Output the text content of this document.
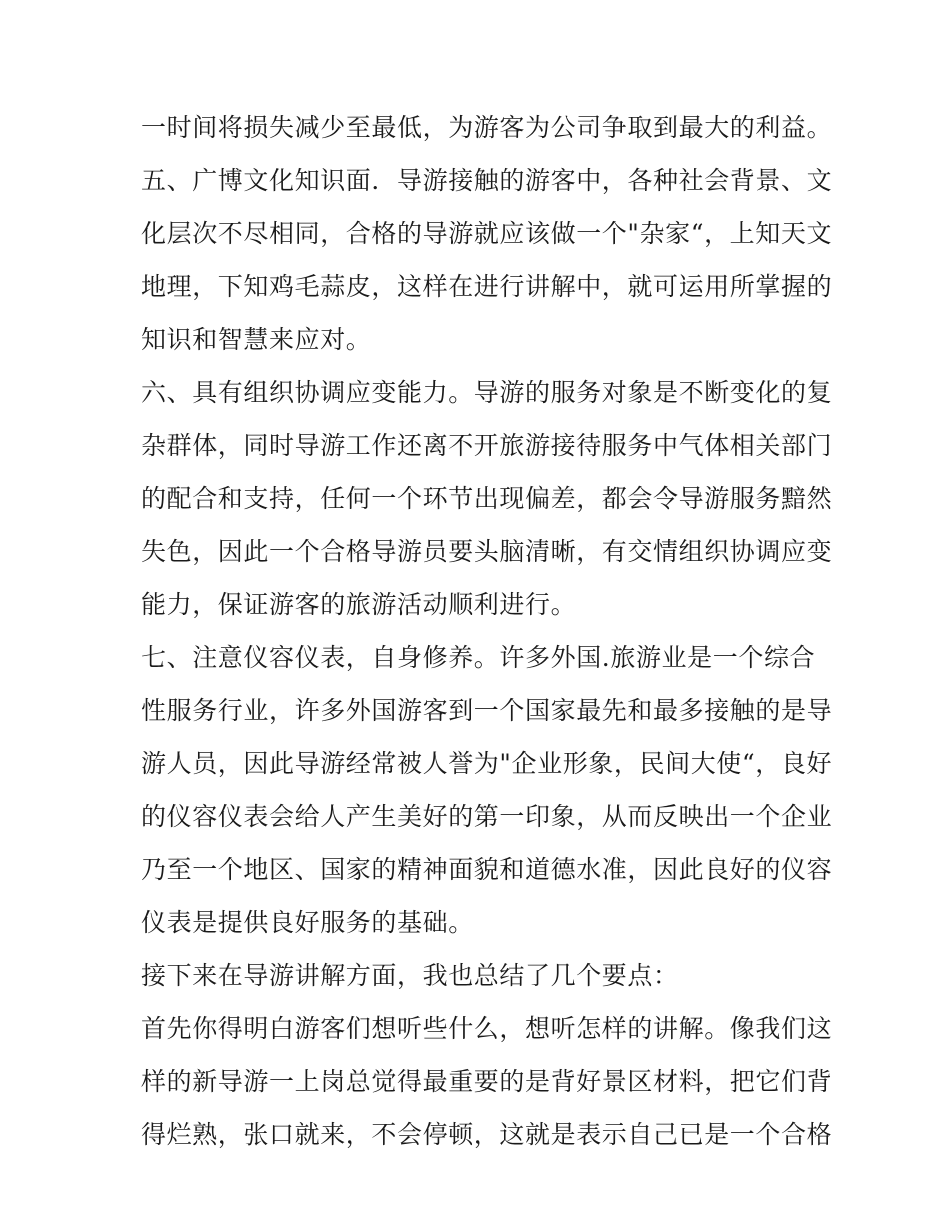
一时间将损失减少至最低，为游客为公司争取到最大的利益。
五、广博文化知识面．导游接触的游客中，各种社会背景、文
化层次不尽相同，合格的导游就应该做一个"杂家“，上知天文
地理，下知鸡毛蒜皮，这样在进行讲解中，就可运用所掌握的
知识和智慧来应对。
六、具有组织协调应变能力。导游的服务对象是不断变化的复
杂群体，同时导游工作还离不开旅游接待服务中气体相关部门
的配合和支持，任何一个环节出现偏差，都会令导游服务黯然
失色，因此一个合格导游员要头脑清晰，有交情组织协调应变
能力，保证游客的旅游活动顺利进行。
七、注意仪容仪表，自身修养。许多外国.旅游业是一个综合
性服务行业，许多外国游客到一个国家最先和最多接触的是导
游人员，因此导游经常被人誉为"企业形象，民间大使“，良好
的仪容仪表会给人产生美好的第一印象，从而反映出一个企业
乃至一个地区、国家的精神面貌和道德水准，因此良好的仪容
仪表是提供良好服务的基础。
接下来在导游讲解方面，我也总结了几个要点：
首先你得明白游客们想听些什么，想听怎样的讲解。像我们这
样的新导游一上岗总觉得最重要的是背好景区材料，把它们背
得烂熟，张口就来，不会停顿，这就是表示自己已是一个合格
